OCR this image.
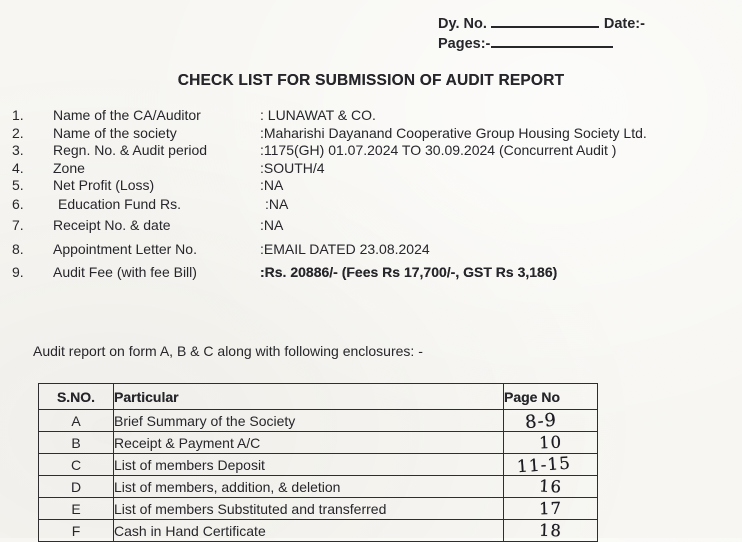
Dy. No.	Date:-
Pages:-
CHECK LIST FOR SUBMISSION OF AUDIT REPORT
1.	Name of the CA/Auditor	: LUNAWAT & CO.
2.	Name of the society	:Maharishi Dayanand Cooperative Group Housing Society Ltd.
3.	Regn. No. & Audit period	:1175(GH) 01.07.2024 TO 30.09.2024 (Concurrent Audit )
4.	Zone	:SOUTH/4
5.	Net Profit (Loss)	:NA
6.	Education Fund Rs.	:NA
7.	Receipt No. & date	:NA
8.	Appointment Letter No.	:EMAIL DATED 23.08.2024
9.	Audit Fee (with fee Bill)	:Rs. 20886/- (Fees Rs 17,700/-, GST Rs 3,186)
Audit report on form A, B & C along with following enclosures: -
S.NO.	Particular	Page No
A	Brief Summary of the Society	8-9
B	Receipt & Payment A/C	10
C	List of members Deposit	11-15
D	List of members, addition, & deletion	16
E	List of members Substituted and transferred	17
F	Cash in Hand Certificate	18
